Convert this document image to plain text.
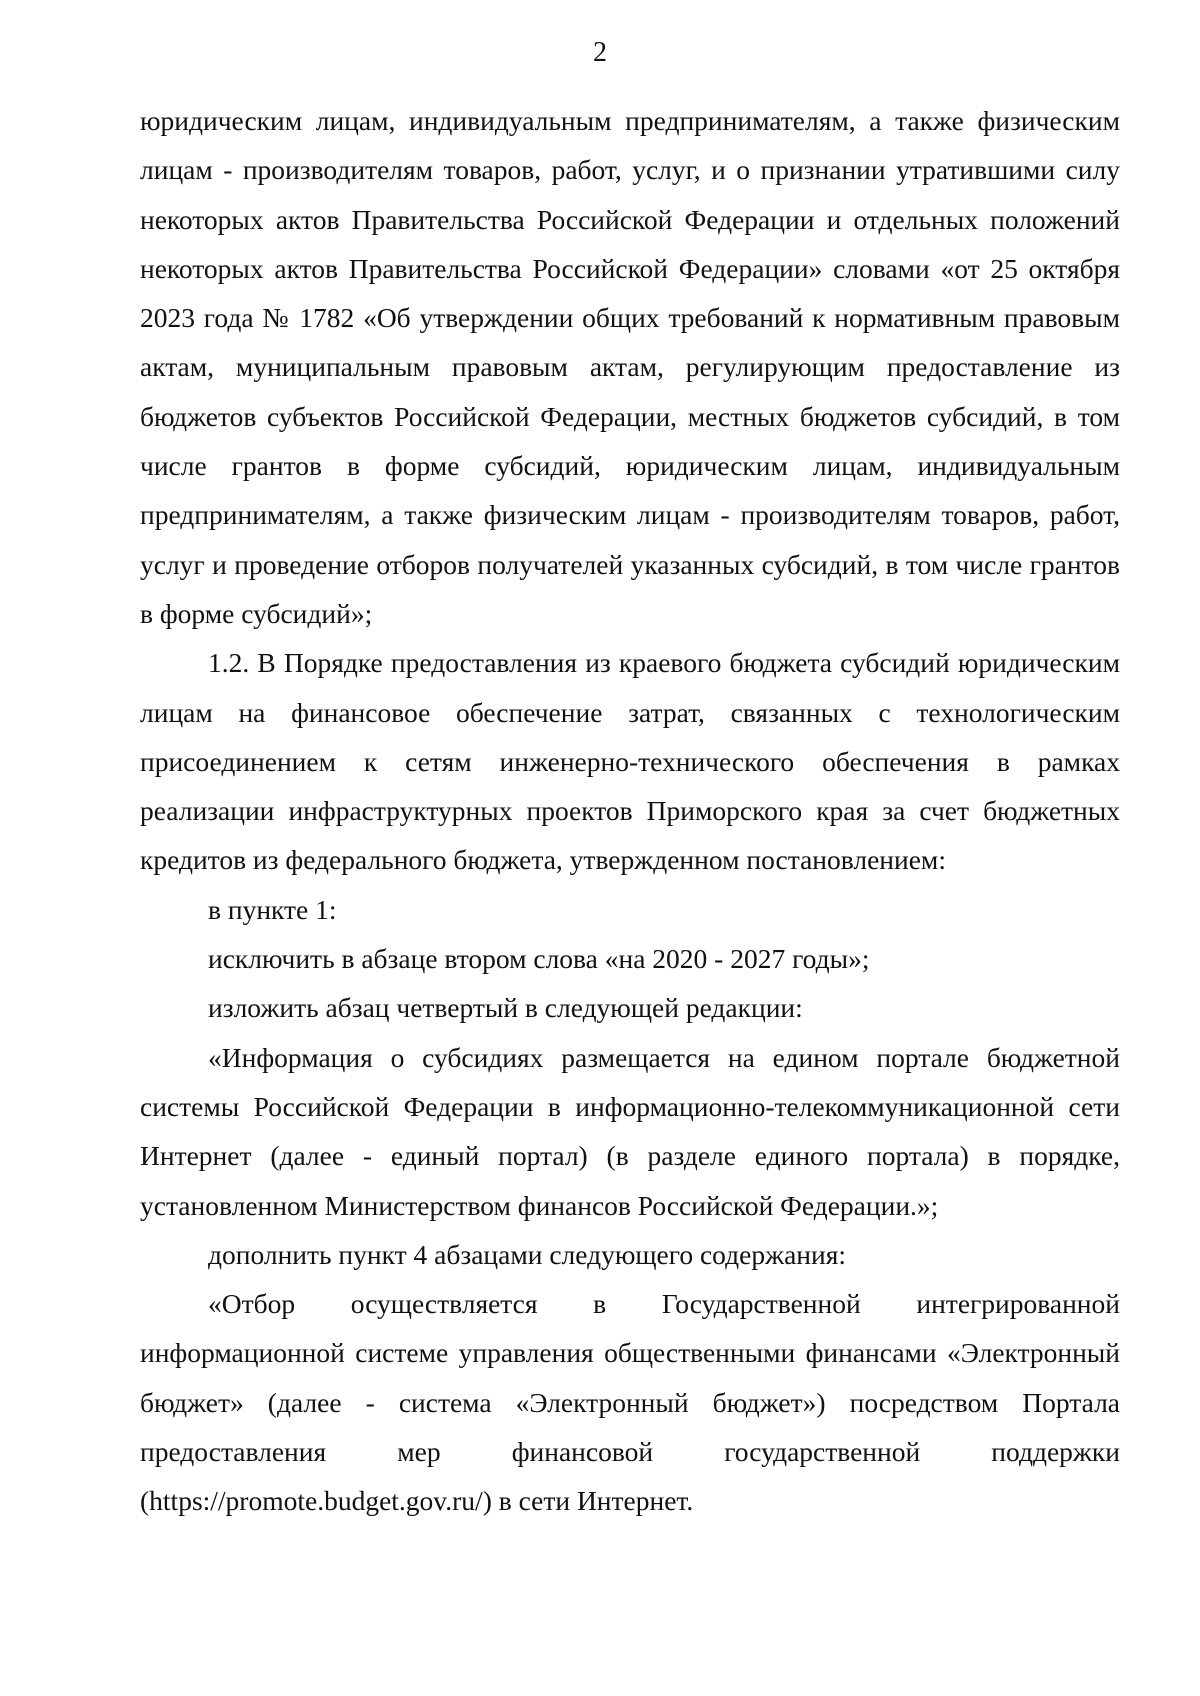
2

юридическим лицам, индивидуальным предпринимателям, а также физическим лицам - производителям товаров, работ, услуг, и о признании утратившими силу некоторых актов Правительства Российской Федерации и отдельных положений некоторых актов Правительства Российской Федерации» словами «от 25 октября 2023 года № 1782 «Об утверждении общих требований к нормативным правовым актам, муниципальным правовым актам, регулирующим предоставление из бюджетов субъектов Российской Федерации, местных бюджетов субсидий, в том числе грантов в форме субсидий, юридическим лицам, индивидуальным предпринимателям, а также физическим лицам - производителям товаров, работ, услуг и проведение отборов получателей указанных субсидий, в том числе грантов в форме субсидий»;

1.2. В Порядке предоставления из краевого бюджета субсидий юридическим лицам на финансовое обеспечение затрат, связанных с технологическим присоединением к сетям инженерно-технического обеспечения в рамках реализации инфраструктурных проектов Приморского края за счет бюджетных кредитов из федерального бюджета, утвержденном постановлением:

в пункте 1:

исключить в абзаце втором слова «на 2020 - 2027 годы»;

изложить абзац четвертый в следующей редакции:

«Информация о субсидиях размещается на едином портале бюджетной системы Российской Федерации в информационно-телекоммуникационной сети Интернет (далее - единый портал) (в разделе единого портала) в порядке, установленном Министерством финансов Российской Федерации.»;

дополнить пункт 4 абзацами следующего содержания:

«Отбор осуществляется в Государственной интегрированной информационной системе управления общественными финансами «Электронный бюджет» (далее - система «Электронный бюджет») посредством Портала предоставления мер финансовой государственной поддержки (https://promote.budget.gov.ru/) в сети Интернет.
